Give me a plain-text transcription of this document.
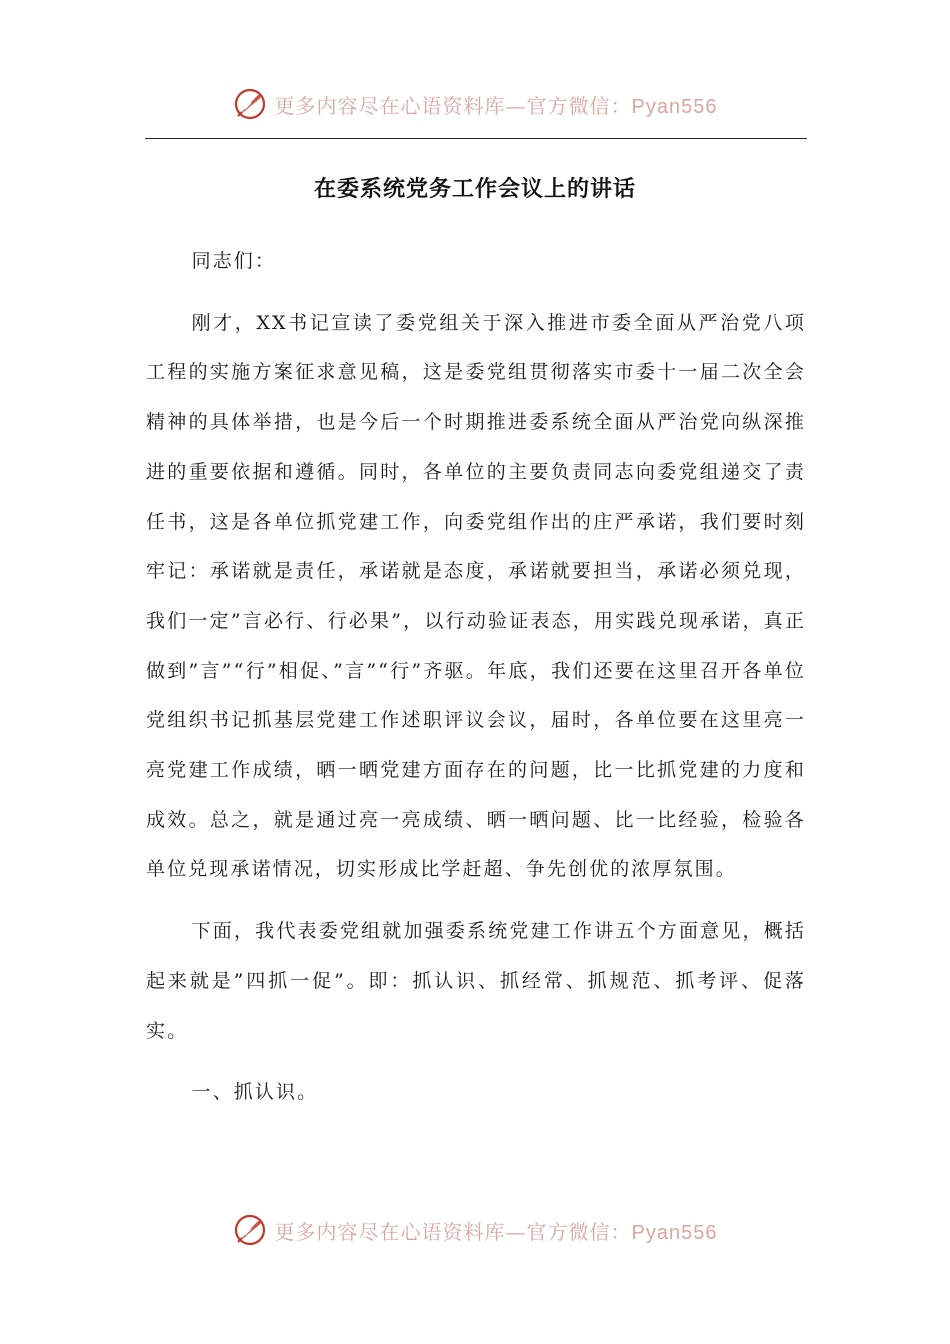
更多内容尽在心语资料库—官方微信：Pyan556
在委系统党务工作会议上的讲话

同志们：

刚才，XX书记宣读了委党组关于深入推进市委全面从严治党八项工程的实施方案征求意见稿，这是委党组贯彻落实市委十一届二次全会精神的具体举措，也是今后一个时期推进委系统全面从严治党向纵深推进的重要依据和遵循。同时，各单位的主要负责同志向委党组递交了责任书，这是各单位抓党建工作，向委党组作出的庄严承诺，我们要时刻牢记：承诺就是责任，承诺就是态度，承诺就要担当，承诺必须兑现，我们一定”言必行、行必果”，以行动验证表态，用实践兑现承诺，真正做到”言”“行”相促、”言”“行”齐驱。年底，我们还要在这里召开各单位党组织书记抓基层党建工作述职评议会议，届时，各单位要在这里亮一亮党建工作成绩，晒一晒党建方面存在的问题，比一比抓党建的力度和成效。总之，就是通过亮一亮成绩、晒一晒问题、比一比经验，检验各单位兑现承诺情况，切实形成比学赶超、争先创优的浓厚氛围。

下面，我代表委党组就加强委系统党建工作讲五个方面意见，概括起来就是”四抓一促”。即：抓认识、抓经常、抓规范、抓考评、促落实。

一、抓认识。

更多内容尽在心语资料库—官方微信：Pyan556
